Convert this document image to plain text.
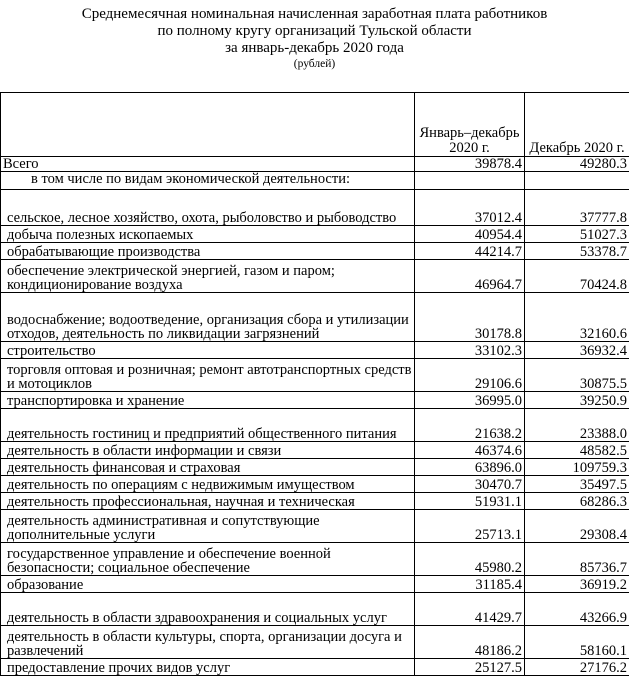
Среднемесячная номинальная начисленная заработная плата работников
по полному кругу организаций Тульской области
за январь-декабрь 2020 года
(рублей)
	Январь–декабрь 2020 г.	Декабрь 2020 г.
Всего	39878.4	49280.3
в том числе по видам экономической деятельности:		
сельское, лесное хозяйство, охота, рыболовство и рыбоводство	37012.4	37777.8
добыча полезных ископаемых	40954.4	51027.3
обрабатывающие производства	44214.7	53378.7
обеспечение электрической энергией, газом и паром; кондиционирование воздуха	46964.7	70424.8
водоснабжение; водоотведение, организация сбора и утилизации отходов, деятельность по ликвидации загрязнений	30178.8	32160.6
строительство	33102.3	36932.4
торговля оптовая и розничная; ремонт автотранспортных средств и мотоциклов	29106.6	30875.5
транспортировка и хранение	36995.0	39250.9
деятельность гостиниц и предприятий общественного питания	21638.2	23388.0
деятельность в области информации и связи	46374.6	48582.5
деятельность финансовая и страховая	63896.0	109759.3
деятельность по операциям с недвижимым имуществом	30470.7	35497.5
деятельность профессиональная, научная и техническая	51931.1	68286.3
деятельность административная и сопутствующие дополнительные услуги	25713.1	29308.4
государственное управление и обеспечение военной безопасности; социальное обеспечение	45980.2	85736.7
образование	31185.4	36919.2
деятельность в области здравоохранения и социальных услуг	41429.7	43266.9
деятельность в области культуры, спорта, организации досуга и развлечений	48186.2	58160.1
предоставление прочих видов услуг	25127.5	27176.2
